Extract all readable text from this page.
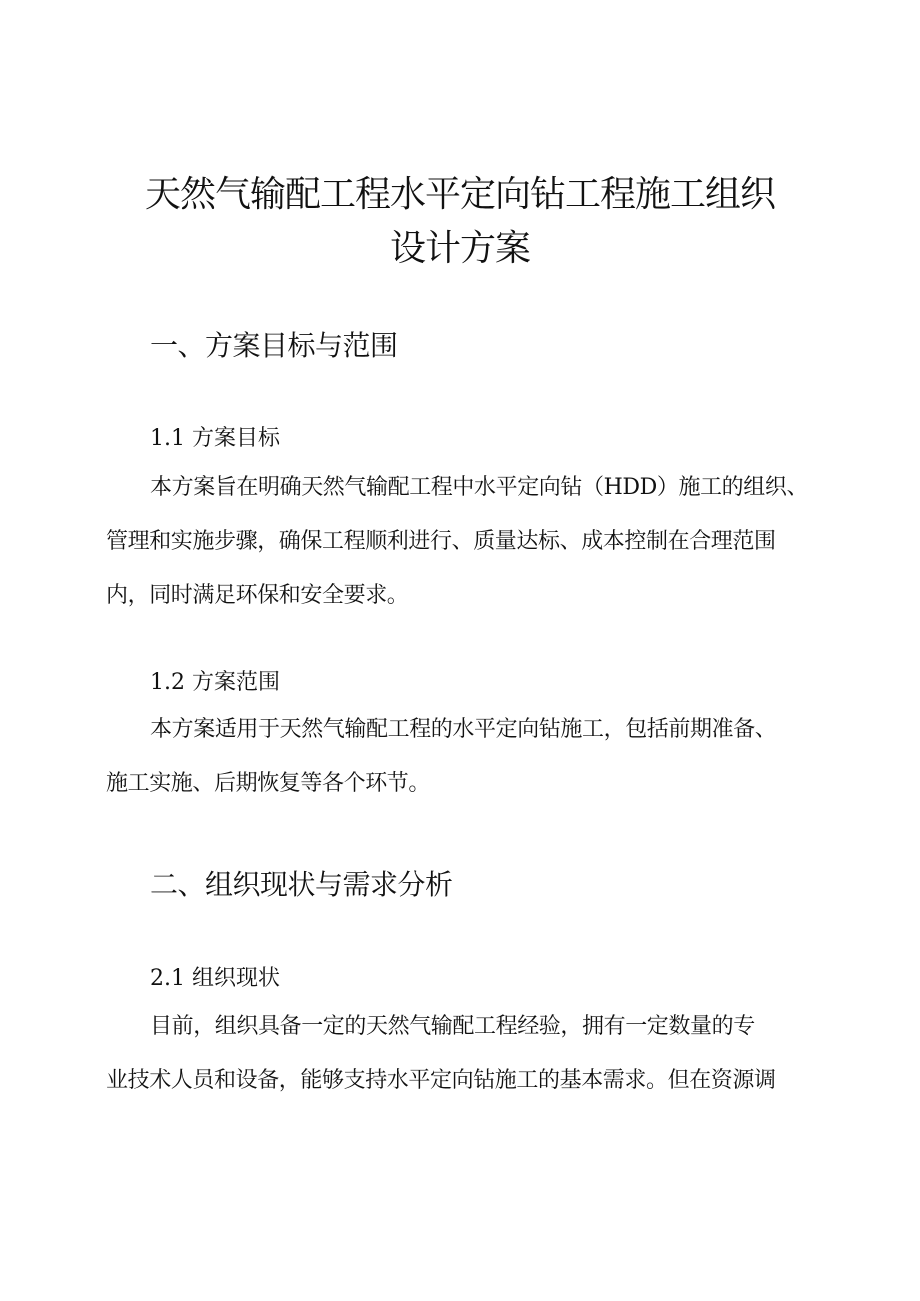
天然气输配工程水平定向钻工程施工组织
设计方案
一、方案目标与范围
1.1 方案目标
本方案旨在明确天然气输配工程中水平定向钻（HDD）施工的组织、
管理和实施步骤，确保工程顺利进行、质量达标、成本控制在合理范围
内，同时满足环保和安全要求。
1.2 方案范围
本方案适用于天然气输配工程的水平定向钻施工，包括前期准备、
施工实施、后期恢复等各个环节。
二、组织现状与需求分析
2.1 组织现状
目前，组织具备一定的天然气输配工程经验，拥有一定数量的专
业技术人员和设备，能够支持水平定向钻施工的基本需求。但在资源调
